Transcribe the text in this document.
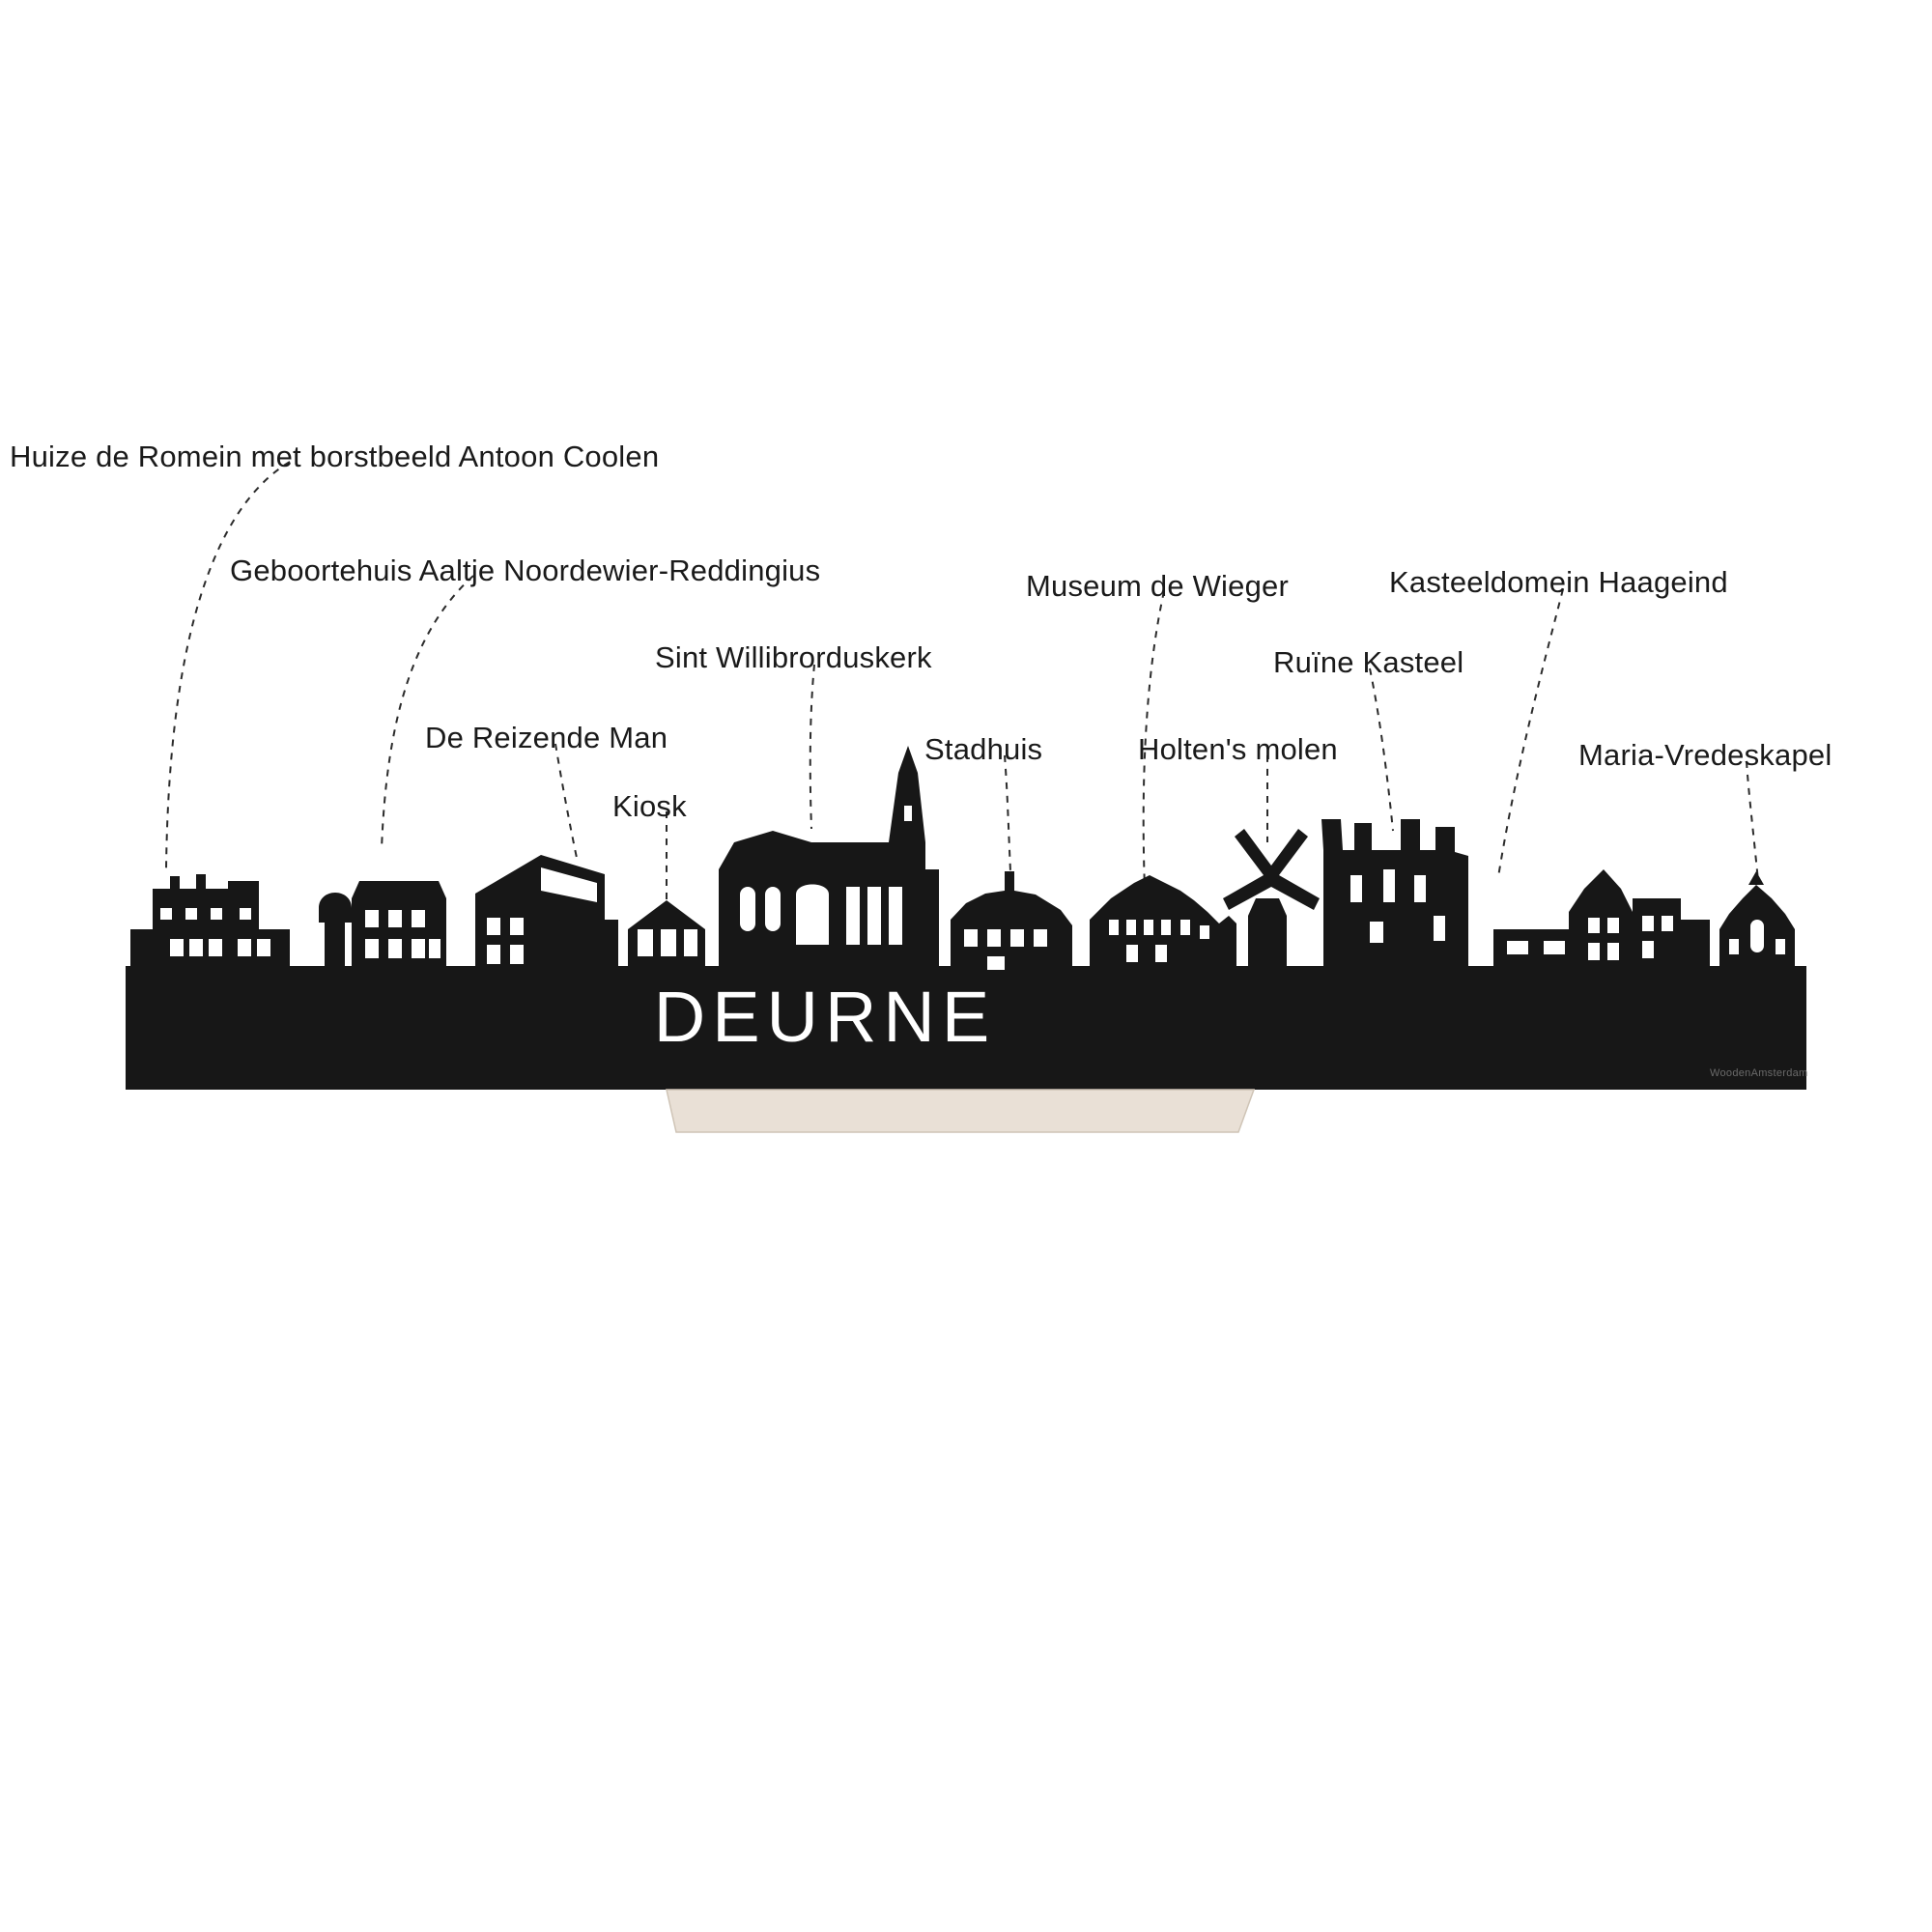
DEURNE
Huize de Romein met borstbeeld Antoon Coolen
Geboortehuis Aaltje Noordewier-Reddingius
Sint Willibrorduskerk
De Reizende Man
Kiosk
Stadhuis
Museum de Wieger
Holten's molen
Ruïne Kasteel
Kasteeldomein Haageind
Maria-Vredeskapel
WoodenAmsterdam
